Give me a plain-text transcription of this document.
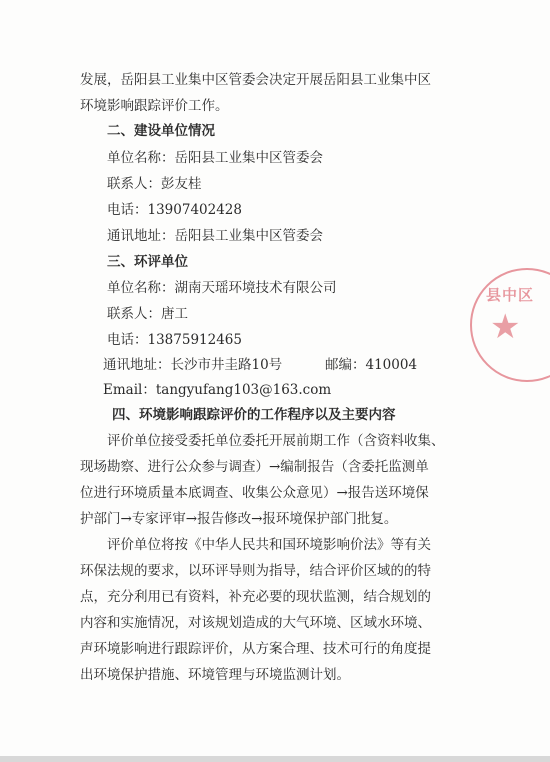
发展，岳阳县工业集中区管委会决定开展岳阳县工业集中区
环境影响跟踪评价工作。
二、建设单位情况
单位名称：岳阳县工业集中区管委会
联系人：彭友桂
电话：13907402428
通讯地址：岳阳县工业集中区管委会
三、环评单位
单位名称：湖南天瑶环境技术有限公司
联系人：唐工
电话：13875912465
通讯地址：长沙市井圭路10号	邮编：410004
Email：tangyufang103@163.com
四、环境影响跟踪评价的工作程序以及主要内容
评价单位接受委托单位委托开展前期工作（含资料收集、
现场勘察、进行公众参与调查）→编制报告（含委托监测单
位进行环境质量本底调查、收集公众意见）→报告送环境保
护部门→专家评审→报告修改→报环境保护部门批复。
评价单位将按《中华人民共和国环境影响价法》等有关
环保法规的要求，以环评导则为指导，结合评价区域的的特
点，充分利用已有资料，补充必要的现状监测，结合规划的
内容和实施情况，对该规划造成的大气环境、区域水环境、
声环境影响进行跟踪评价，从方案合理、技术可行的角度提
出环境保护措施、环境管理与环境监测计划。
县中区
★
